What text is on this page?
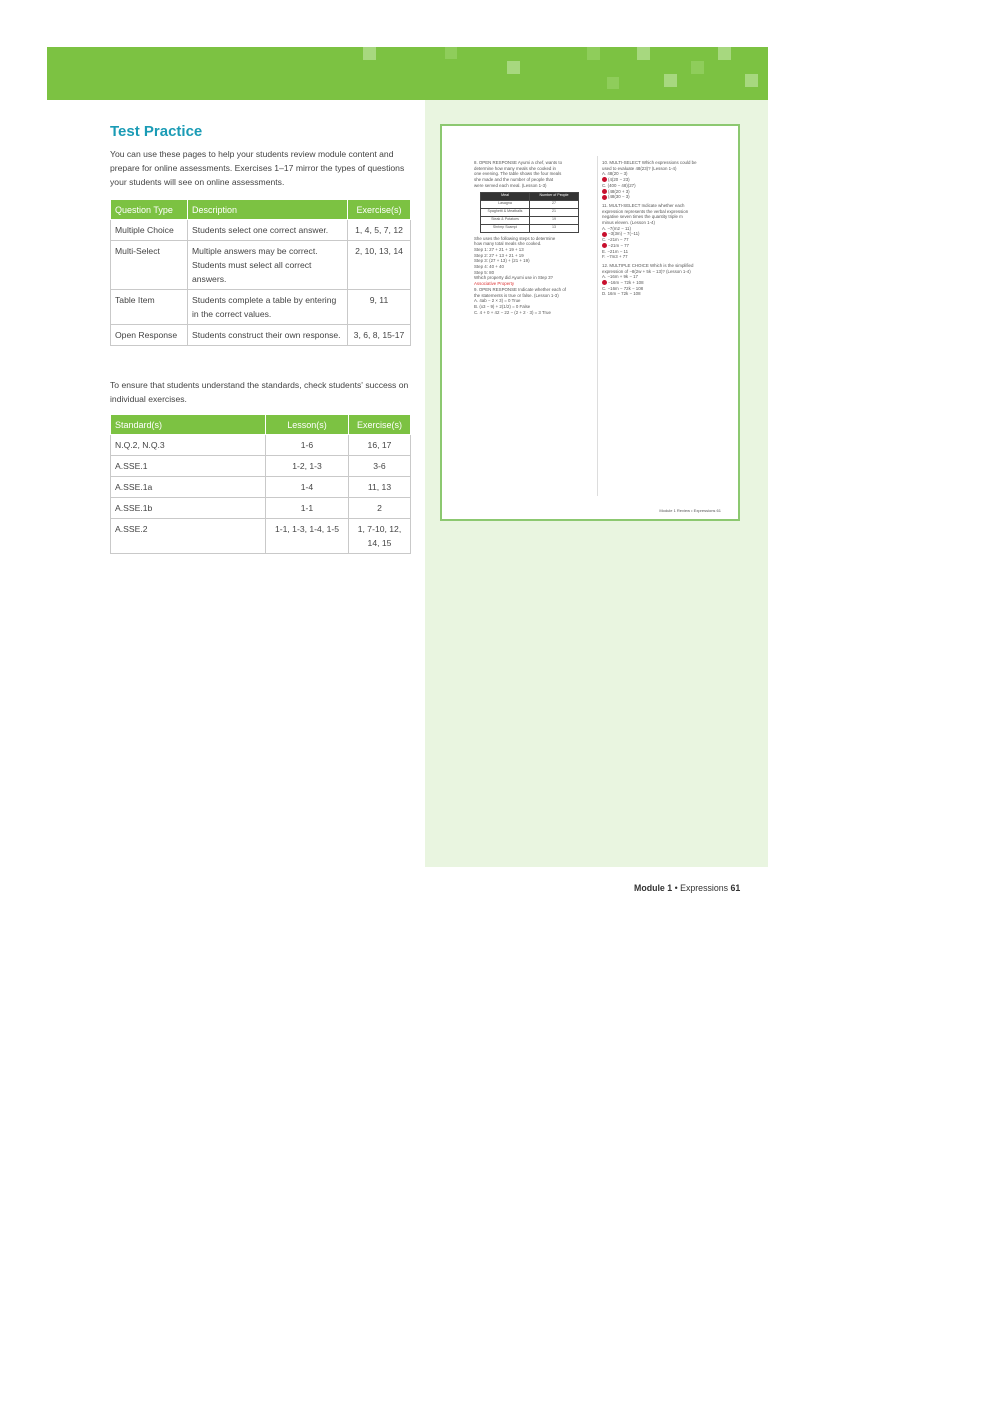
Test Practice
You can use these pages to help your students review module content and prepare for online assessments. Exercises 1–17 mirror the types of questions your students will see on online assessments.
Question Type	Description	Exercise(s)
Multiple Choice	Students select one correct answer.	1, 4, 5, 7, 12
Multi-Select	Multiple answers may be correct. Students must select all correct answers.	2, 10, 13, 14
Table Item	Students complete a table by entering in the correct values.	9, 11
Open Response	Students construct their own response.	3, 6, 8, 15-17
To ensure that students understand the standards, check students' success on individual exercises.
Standard(s)	Lesson(s)	Exercise(s)
N.Q.2, N.Q.3	1-6	16, 17
A.SSE.1	1-2, 1-3	3-6
A.SSE.1a	1-4	11, 13
A.SSE.1b	1-1	2
A.SSE.2	1-1, 1-3, 1-4, 1-5	1, 7-10, 12, 14, 15
8. OPEN RESPONSE Ayumi a chef, wants to
determine how many meals she cooked in
one evening. The table shows the four meals
she made and the number of people that
were served each meal. (Lesson 1-3)
Meal	Number of People
Lasagna	27
Spaghetti & Meatballs	21
Steak & Potatoes	19
Shrimp Scampi	13
She uses the following steps to determine
how many total meals she cooked.
Step 1: 27 + 21 + 19 + 13
Step 2: 27 + 13 + 21 + 19
Step 3: (27 + 13) + (21 + 19)
Step 4: 40 + 40
Step 5: 80
Which property did Ayumi use in Step 3?
Associative Property
9. OPEN RESPONSE Indicate whether each of
the statements is true or false. (Lesson 1-3)
A. 4ab − 2 × 3) = 0 True
B. (x3 − 9) + 2(1/2) = 0 False
C. 4 + 0 + 42 − 22 − (2 + 2 · 3) = 3 True
10. MULTI-SELECT Which expressions could be
used to evaluate 48(23)? (Lesson 1-4)
A. 48(20 − 3)
(4(20 − 23)
C. (400 − 48)(27)
(48(20 + 3)
(48(30 − 3)
11. MULTI-SELECT Indicate whether each
expression represents the verbal expression
negative seven times the quantity triple m
minus eleven. (Lesson 1-4)
A. −7(m2 − 11)
−3(3m) − 7(−11)
C. −21m − 77
−21m − 77
E. −21m − 11
F. −7m3 + 77
12. MULTIPLE CHOICE Which is the simplified
expression of −8(2w + 5k − 13)? (Lesson 1-4)
A. −16m + 9k − 17
−16m − 72k + 108
C. −16m − 72k − 108
D. 16m − 72k − 108
Module 1 Review • Expressions 61
Module 1 • Expressions 61
